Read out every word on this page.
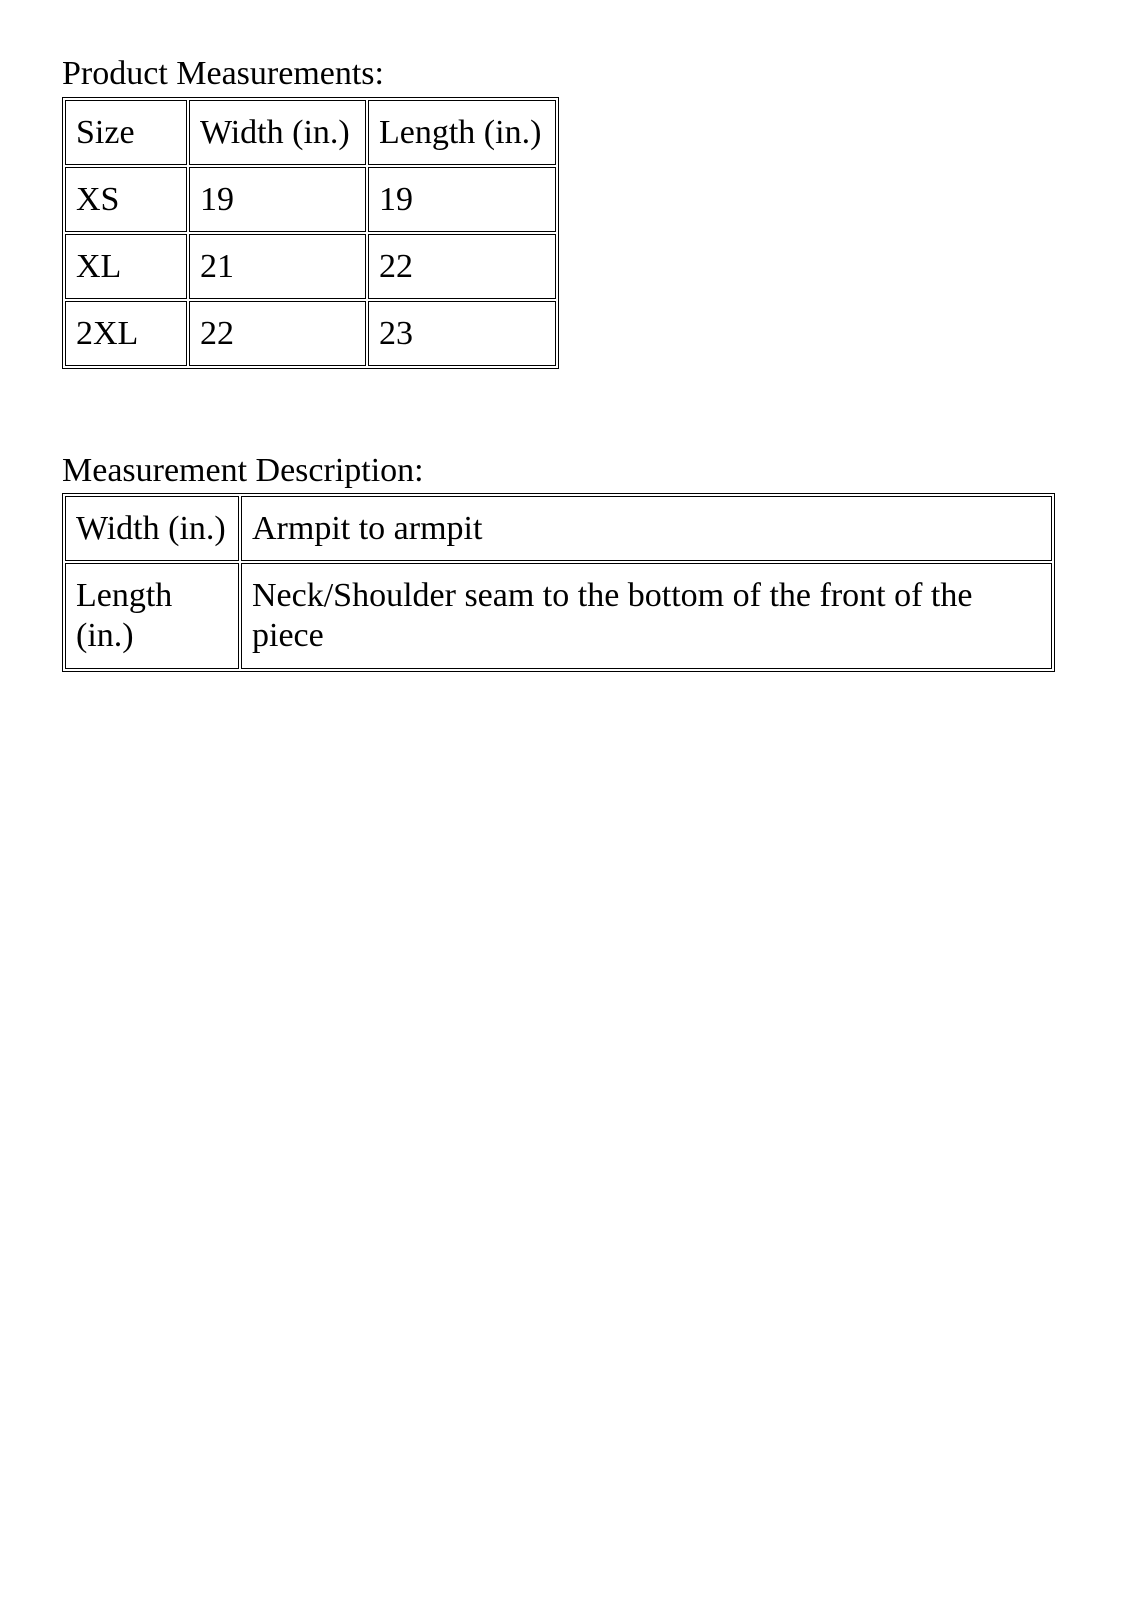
Product Measurements:
Size	Width (in.)	Length (in.)
XS	19	19
XL	21	22
2XL	22	23
Measurement Description:
Width (in.)	Armpit to armpit
Length (in.)	Neck/Shoulder seam to the bottom of the front of the piece
